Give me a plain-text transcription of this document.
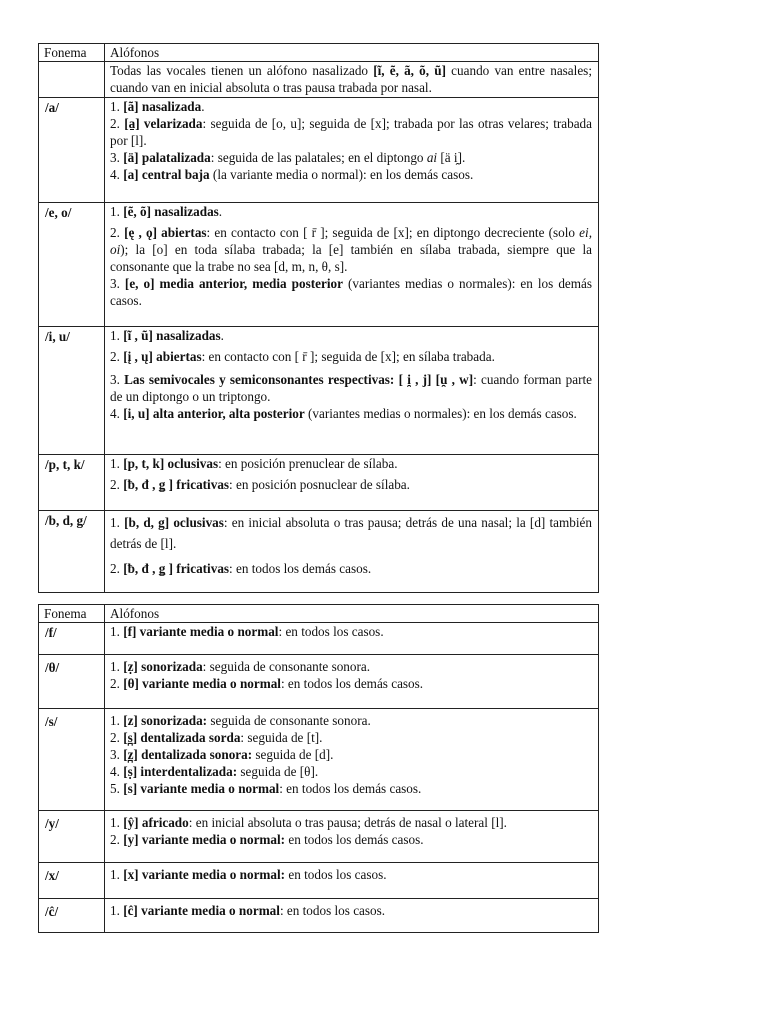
Fonema	Alófonos

	Todas las vocales tienen un alófono nasalizado [ĩ, ẽ, ã, õ, ũ] cuando van entre nasales; cuando van en inicial absoluta o tras pausa trabada por nasal.

/a/	1. [ã] nasalizada.

2. [a̠] velarizada: seguida de [o, u]; seguida de [x]; trabada por las otras velares; trabada por [l].

3. [ä] palatalizada: seguida de las palatales; en el diptongo ai [ä i̯].

4. [a] central baja (la variante media o normal): en los demás casos.

/e, o/	1. [ẽ, õ] nasalizadas.

2. [ę , ǫ] abiertas: en contacto con [ r̄ ]; seguida de [x]; en diptongo decreciente (solo ei, oi); la [o] en toda sílaba trabada; la [e] también en sílaba trabada, siempre que la consonante que la trabe no sea [d, m, n, θ, s].

3. [e, o] media anterior, media posterior (variantes medias o normales): en los demás casos.

/i, u/	1. [ĩ , ũ] nasalizadas.

2. [į , ų] abiertas: en contacto con [ r̄ ]; seguida de [x]; en sílaba trabada.

3. Las semivocales y semiconsonantes respectivas: [ i̯ , j] [u̯ , w]: cuando forman parte de un diptongo o un triptongo.

4. [i, u] alta anterior, alta posterior (variantes medias o normales): en los demás casos.

/p, t, k/	1. [p, t, k] oclusivas: en posición prenuclear de sílaba.

2. [ƀ, đ , ǥ ] fricativas: en posición posnuclear de sílaba.

/b, d, g/	1. [b, d, g] oclusivas: en inicial absoluta o tras pausa; detrás de una nasal; la [d] también detrás de [l].

2. [ƀ, đ , ǥ ] fricativas: en todos los demás casos.

Fonema	Alófonos
/f/	1. [f] variante media o normal: en todos los casos.

/θ/	1. [ẓ] sonorizada: seguida de consonante sonora.

2. [θ] variante media o normal: en todos los demás casos.

/s/	1. [z] sonorizada: seguida de consonante sonora.

2. [s̪] dentalizada sorda: seguida de [t].

3. [z̪] dentalizada sonora: seguida de [d].

4. [ṣ] interdentalizada: seguida de [θ].

5. [s] variante media o normal: en todos los demás casos.

/y/	1. [ŷ] africado: en inicial absoluta o tras pausa; detrás de nasal o lateral [l].

2. [y] variante media o normal: en todos los demás casos.

/x/	1. [x] variante media o normal: en todos los casos.

/ĉ/	1. [ĉ] variante media o normal: en todos los casos.
